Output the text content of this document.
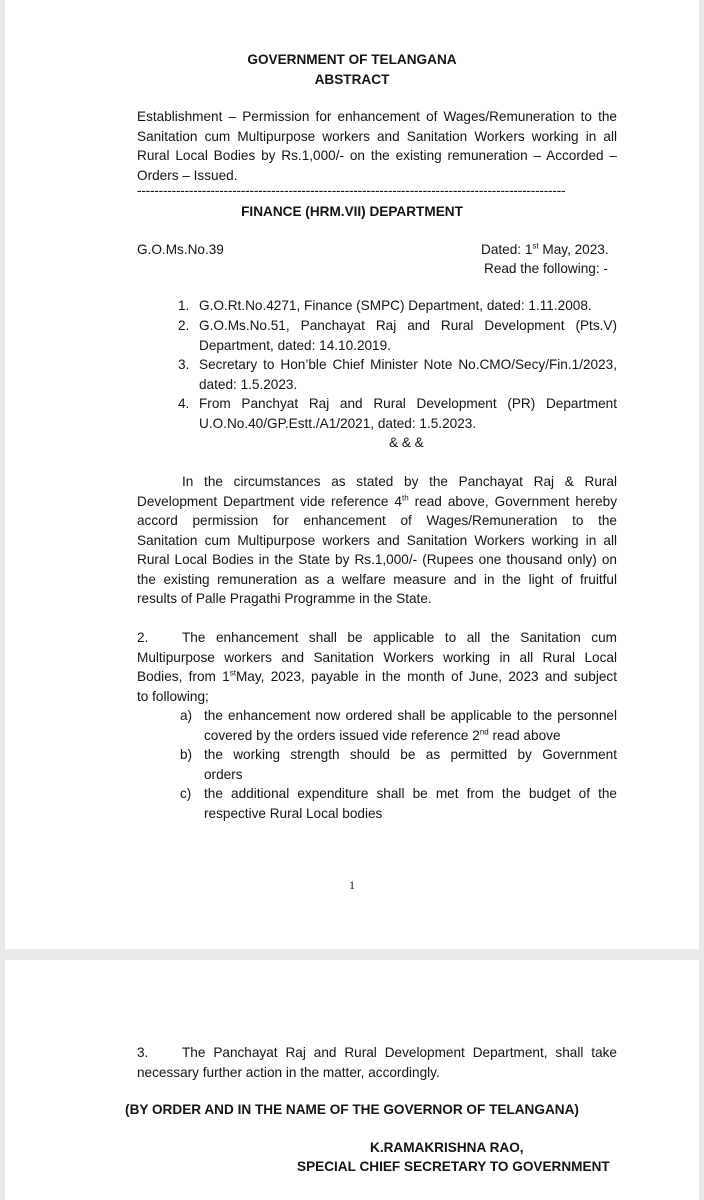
GOVERNMENT OF TELANGANA
ABSTRACT
Establishment – Permission for enhancement of Wages/Remuneration to the
Sanitation cum Multipurpose workers and Sanitation Workers working in all
Rural Local Bodies by Rs.1,000/- on the existing remuneration – Accorded –
Orders – Issued.
---------------------------------------------------------------------------------------------------
FINANCE (HRM.VII) DEPARTMENT
G.O.Ms.No.39	Dated: 1st May, 2023.
Read the following: -
1. G.O.Rt.No.4271, Finance (SMPC) Department, dated: 1.11.2008.
2. G.O.Ms.No.51, Panchayat Raj and Rural Development (Pts.V)
Department, dated: 14.10.2019.
3. Secretary to Hon’ble Chief Minister Note No.CMO/Secy/Fin.1/2023,
dated: 1.5.2023.
4. From Panchyat Raj and Rural Development (PR) Department
U.O.No.40/GP.Estt./A1/2021, dated: 1.5.2023.
& & &
In the circumstances as stated by the Panchayat Raj & Rural
Development Department vide reference 4th read above, Government hereby
accord permission for enhancement of Wages/Remuneration to the
Sanitation cum Multipurpose workers and Sanitation Workers working in all
Rural Local Bodies in the State by Rs.1,000/- (Rupees one thousand only) on
the existing remuneration as a welfare measure and in the light of fruitful
results of Palle Pragathi Programme in the State.
2.	The enhancement shall be applicable to all the Sanitation cum
Multipurpose workers and Sanitation Workers working in all Rural Local
Bodies, from 1stMay, 2023, payable in the month of June, 2023 and subject
to following;
a) the enhancement now ordered shall be applicable to the personnel
covered by the orders issued vide reference 2nd read above
b) the working strength should be as permitted by Government
orders
c) the additional expenditure shall be met from the budget of the
respective Rural Local bodies
1
3.	The Panchayat Raj and Rural Development Department, shall take
necessary further action in the matter, accordingly.
(BY ORDER AND IN THE NAME OF THE GOVERNOR OF TELANGANA)
K.RAMAKRISHNA RAO,
SPECIAL CHIEF SECRETARY TO GOVERNMENT
